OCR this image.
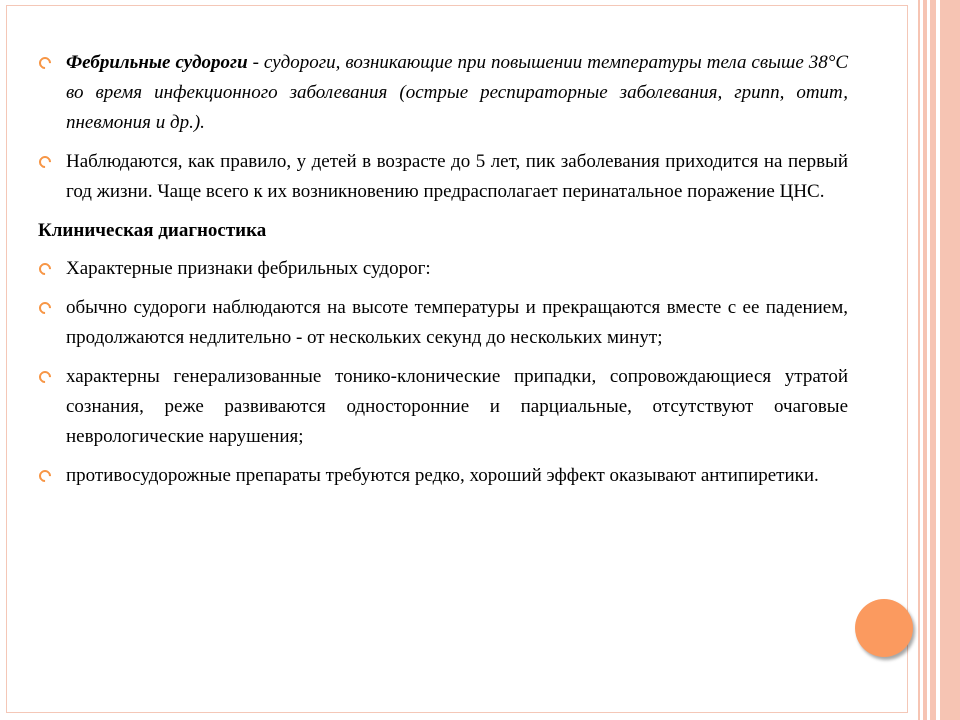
Фебрильные судороги - судороги, возникающие при повышении температуры тела свыше 38°С во время инфекционного заболевания (острые респираторные заболевания, грипп, отит, пневмония и др.).
Наблюдаются, как правило, у детей в возрасте до 5 лет, пик заболевания приходится на первый год жизни. Чаще всего к их возникновению предрасполагает перинатальное поражение ЦНС.
Клиническая диагностика
Характерные признаки фебрильных судорог:
обычно судороги наблюдаются на высоте температуры и прекращаются вместе с ее падением, продолжаются недлительно - от нескольких секунд до нескольких минут;
характерны генерализованные тонико-клонические припадки, сопровождающиеся утратой сознания, реже развиваются односторонние и парциальные, отсутствуют очаговые неврологические нарушения;
противосудорожные препараты требуются редко, хороший эффект оказывают антипиретики.
